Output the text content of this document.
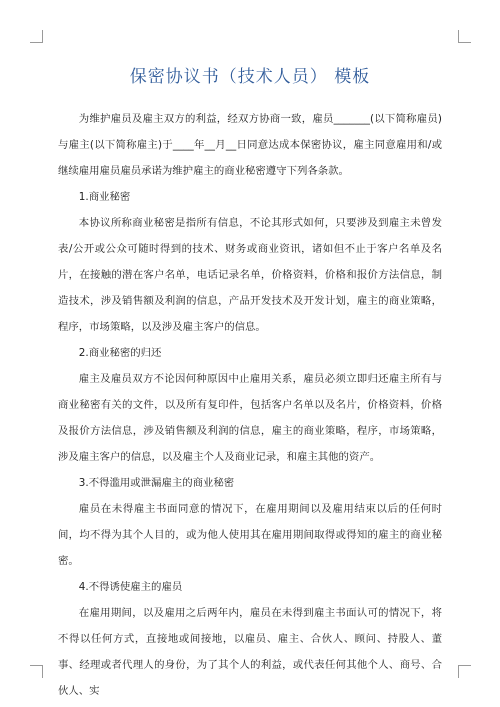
保密协议书（技术人员） 模板

为维护雇员及雇主双方的利益，经双方协商一致，雇员_______(以下简称雇员)与雇主(以下简称雇主)于____年__月__日同意达成本保密协议，雇主同意雇用和/或继续雇用雇员雇员承诺为维护雇主的商业秘密遵守下列各条款。

1.商业秘密

本协议所称商业秘密是指所有信息，不论其形式如何，只要涉及到雇主未曾发表/公开或公众可随时得到的技术、财务或商业资讯，诸如但不止于客户名单及名片，在接触的潜在客户名单，电话记录名单，价格资料，价格和报价方法信息，制造技术，涉及销售额及利润的信息，产品开发技术及开发计划，雇主的商业策略，程序，市场策略，以及涉及雇主客户的信息。

2.商业秘密的归还

雇主及雇员双方不论因何种原因中止雇用关系，雇员必须立即归还雇主所有与商业秘密有关的文件，以及所有复印件，包括客户名单以及名片，价格资料，价格及报价方法信息，涉及销售额及利润的信息，雇主的商业策略，程序，市场策略，涉及雇主客户的信息，以及雇主个人及商业记录，和雇主其他的资产。

3.不得滥用或泄漏雇主的商业秘密

雇员在未得雇主书面同意的情况下，在雇用期间以及雇用结束以后的任何时间，均不得为其个人目的，或为他人使用其在雇用期间取得或得知的雇主的商业秘密。

4.不得诱使雇主的雇员

在雇用期间，以及雇用之后两年内，雇员在未得到雇主书面认可的情况下，将不得以任何方式，直接地或间接地，以雇员、雇主、合伙人、顾问、持股人、董事、经理或者代理人的身份，为了其个人的利益，或代表任何其他个人、商号、合伙人、实
